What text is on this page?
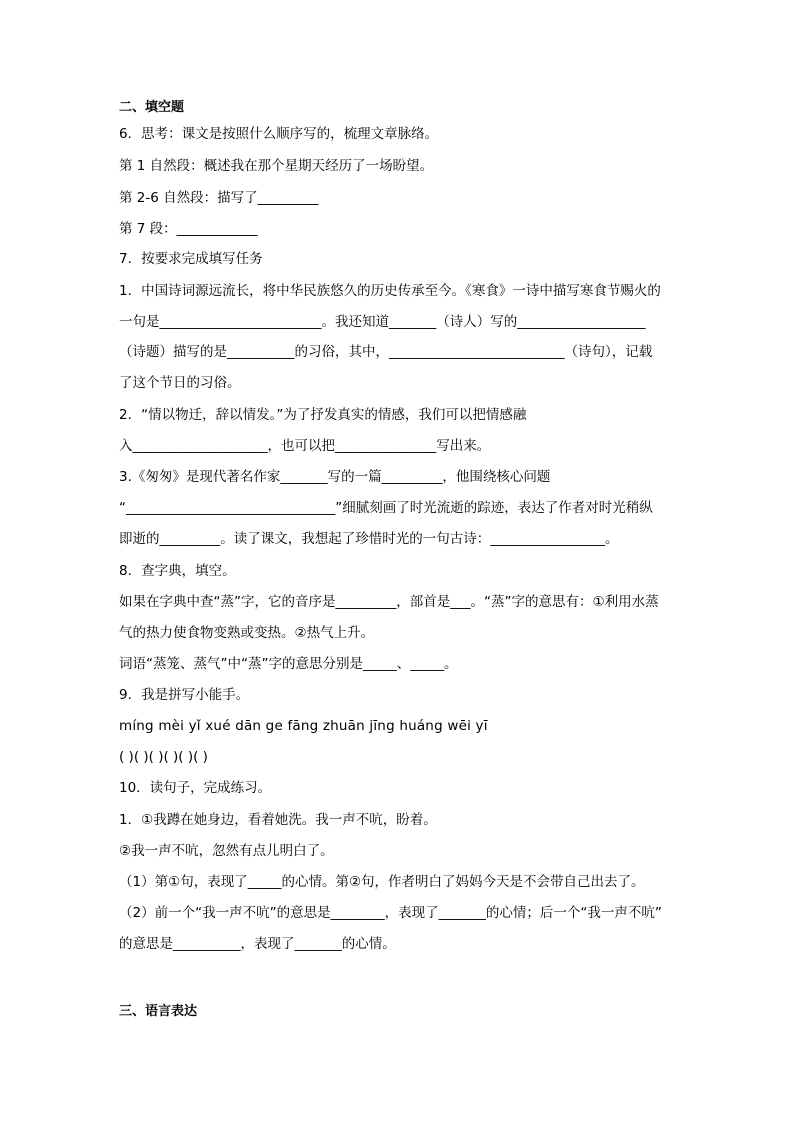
二、填空题
6．思考：课文是按照什么顺序写的，梳理文章脉络。
第 1 自然段：概述我在那个星期天经历了一场盼望。
第 2-6 自然段：描写了_________
第 7 段：____________
7．按要求完成填写任务
1．中国诗词源远流长，将中华民族悠久的历史传承至今。《寒食》一诗中描写寒食节赐火的
一句是________________________。我还知道_______（诗人）写的___________________
（诗题）描写的是__________的习俗，其中，__________________________（诗句），记载
了这个节日的习俗。
2．“情以物迁，辞以情发。”为了抒发真实的情感，我们可以把情感融
入____________________，也可以把_______________写出来。
3.《匆匆》是现代著名作家_______写的一篇_________，他围绕核心问题
“_______________________________”细腻刻画了时光流逝的踪迹，表达了作者对时光稍纵
即逝的_________。读了课文，我想起了珍惜时光的一句古诗：_________________。
8．查字典，填空。
如果在字典中查“蒸”字，它的音序是_________，部首是___。“蒸”字的意思有：①利用水蒸
气的热力使食物变熟或变热。②热气上升。
词语“蒸笼、蒸气”中“蒸”字的意思分别是_____、_____。
9．我是拼写小能手。
míng mèi yǐ xué dān ge fāng zhuān jīng huáng wēi yī
( )( )( )( )( )( )
10．读句子，完成练习。
1．①我蹲在她身边，看着她洗。我一声不吭，盼着。
②我一声不吭，忽然有点儿明白了。
（1）第①句，表现了_____的心情。第②句，作者明白了妈妈今天是不会带自己出去了。
（2）前一个“我一声不吭”的意思是________，表现了_______的心情；后一个“我一声不吭”
的意思是__________，表现了_______的心情。
三、语言表达
